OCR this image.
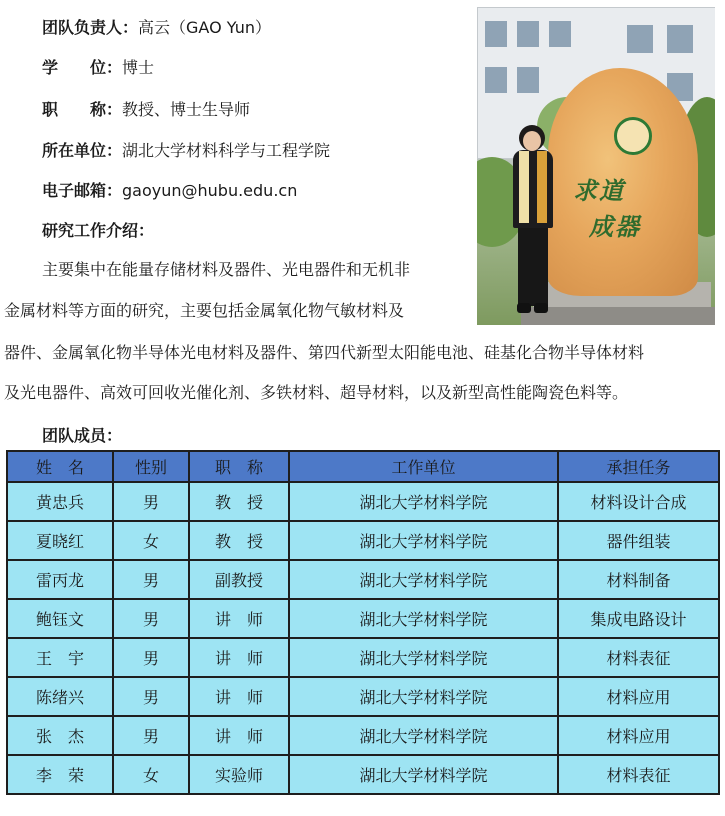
团队负责人：高云（GAO Yun）
学　　位：博士
职　　称：教授、博士生导师
所在单位：湖北大学材料科学与工程学院
电子邮箱：gaoyun@hubu.edu.cn
研究工作介绍：
主要集中在能量存储材料及器件、光电器件和无机非
金属材料等方面的研究，主要包括金属氧化物气敏材料及
器件、金属氧化物半导体光电材料及器件、第四代新型太阳能电池、硅基化合物半导体材料
及光电器件、高效可回收光催化剂、多铁材料、超导材料，以及新型高性能陶瓷色料等。
求道
成器
团队成员：
姓　名	性别	职　称	工作单位	承担任务
黄忠兵	男	教　授	湖北大学材料学院	材料设计合成
夏晓红	女	教　授	湖北大学材料学院	器件组装
雷丙龙	男	副教授	湖北大学材料学院	材料制备
鲍钰文	男	讲　师	湖北大学材料学院	集成电路设计
王　宇	男	讲　师	湖北大学材料学院	材料表征
陈绪兴	男	讲　师	湖北大学材料学院	材料应用
张　杰	男	讲　师	湖北大学材料学院	材料应用
李　荣	女	实验师	湖北大学材料学院	材料表征
